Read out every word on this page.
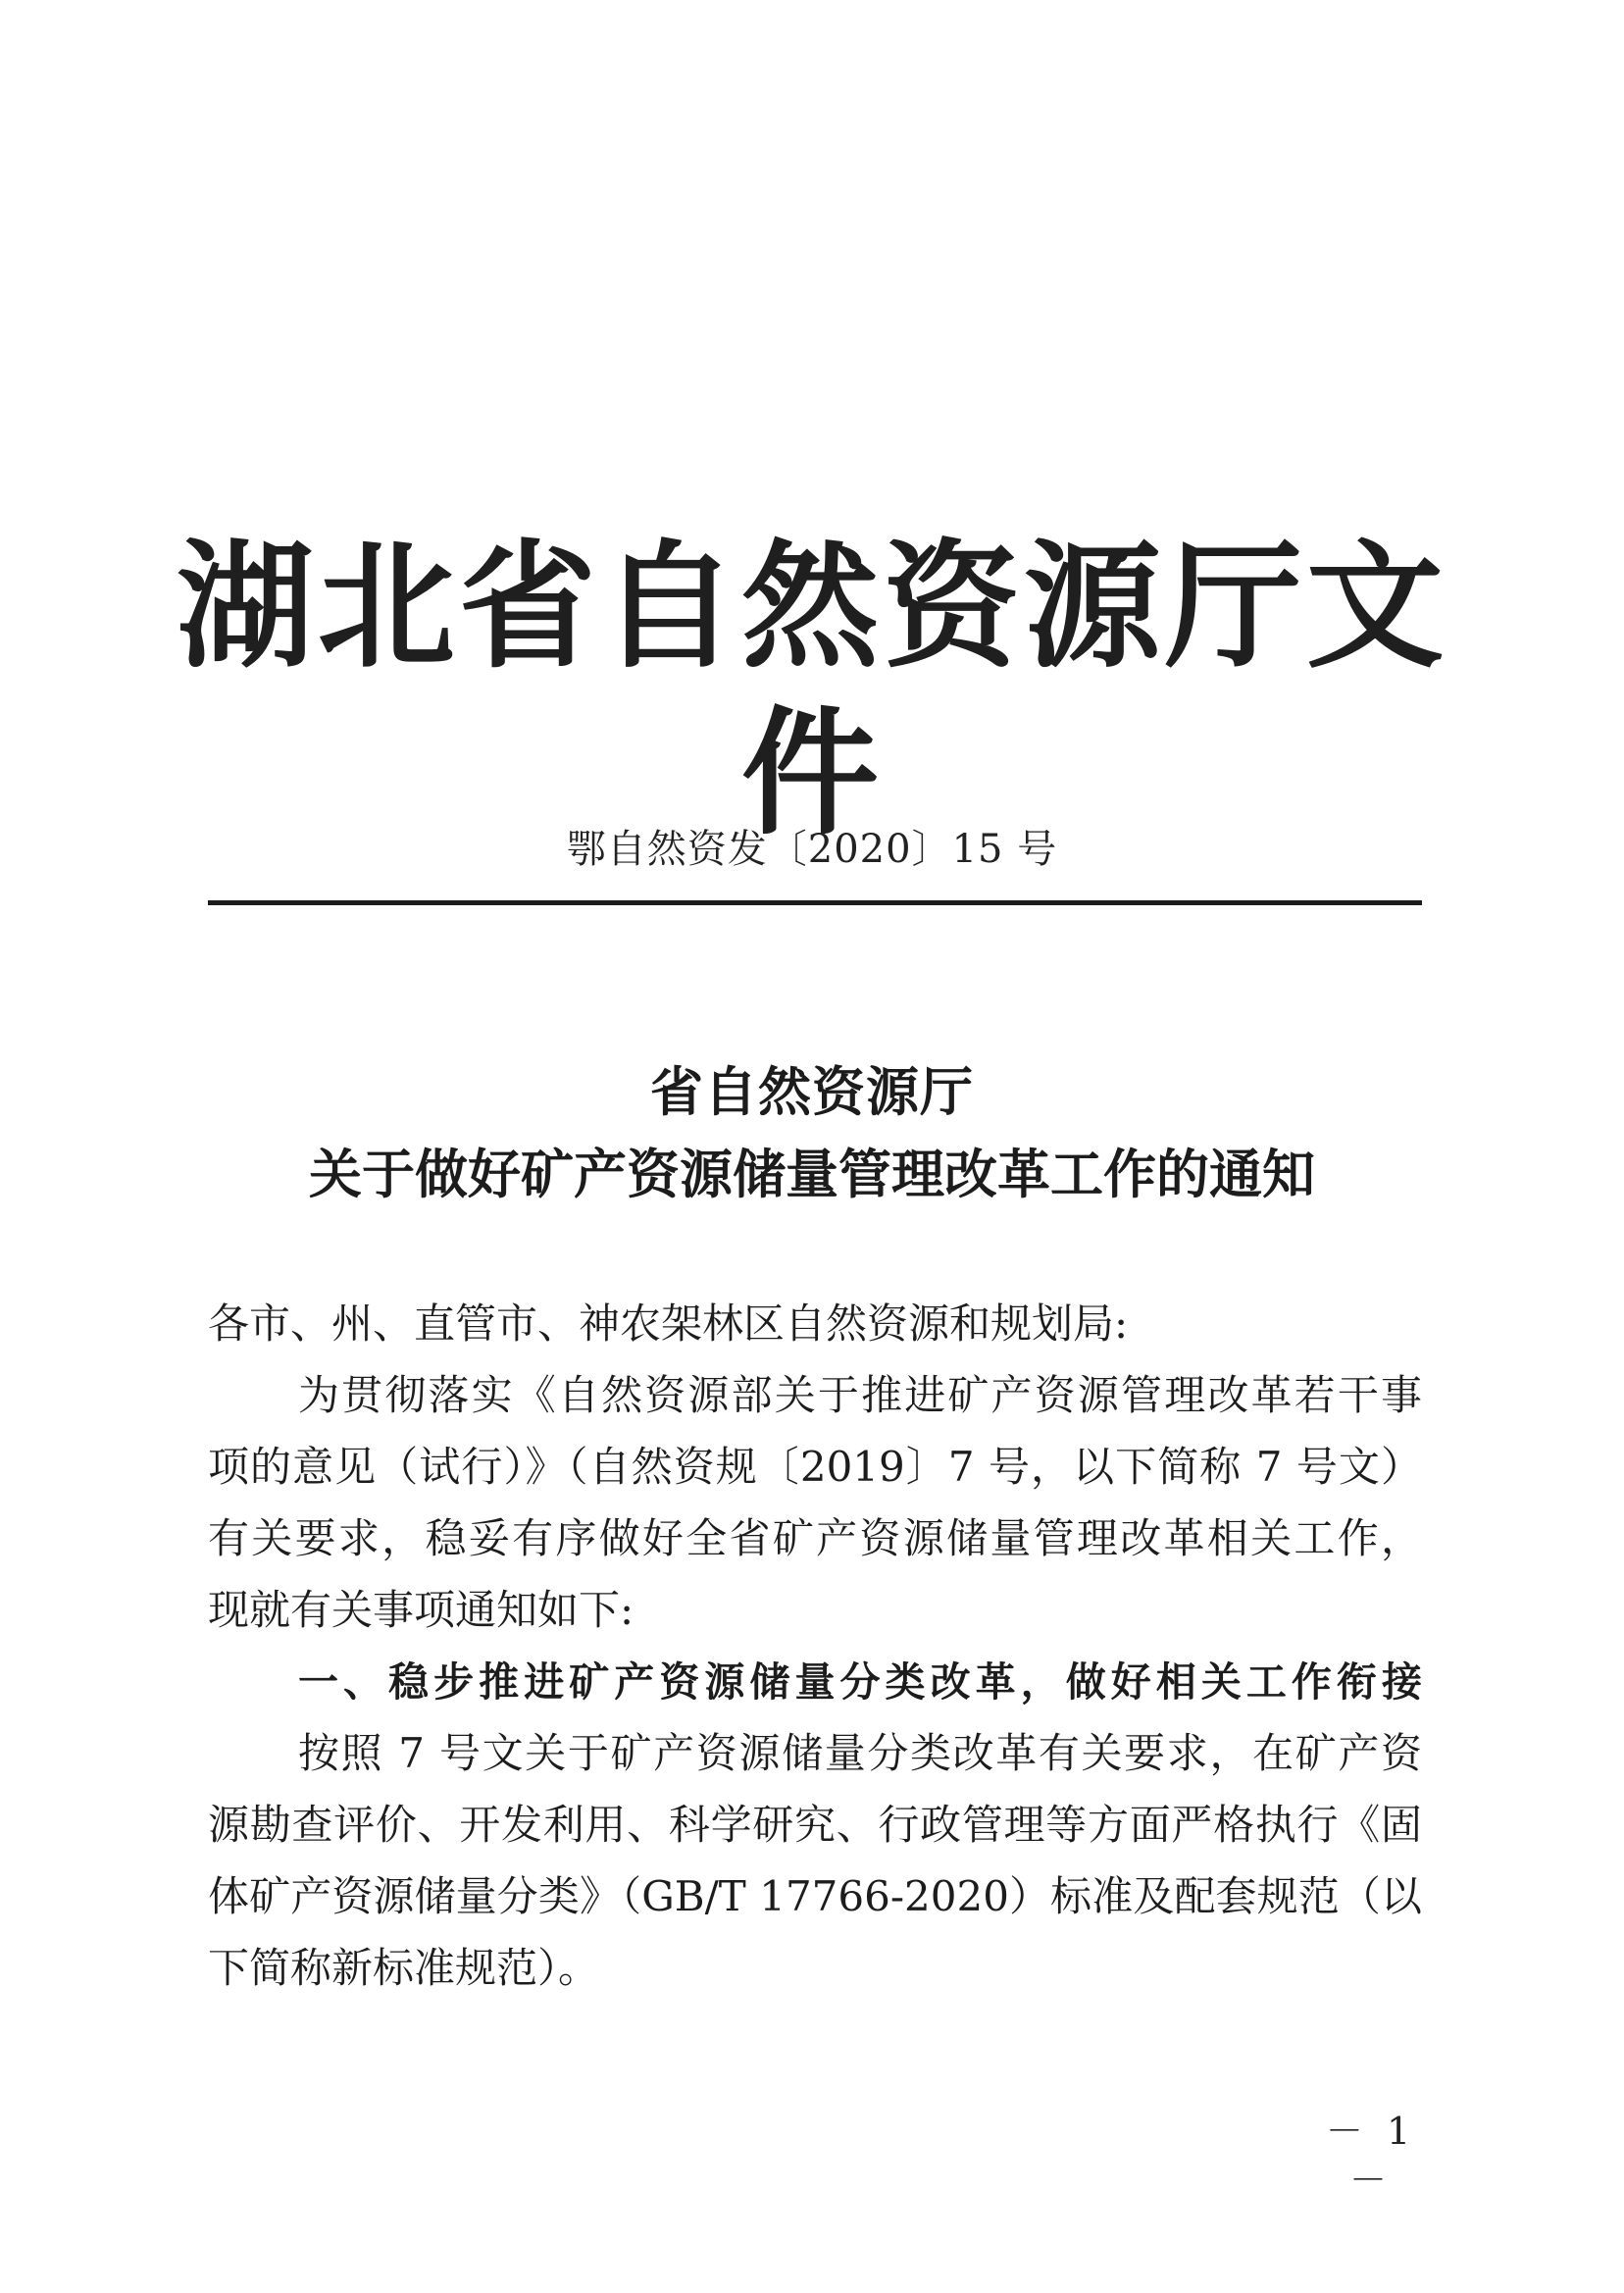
湖北省自然资源厅文件
鄂自然资发〔2020〕15 号
省自然资源厅
关于做好矿产资源储量管理改革工作的通知
各市、州、直管市、神农架林区自然资源和规划局:
为贯彻落实《自然资源部关于推进矿产资源管理改革若干事
项的意见（试行）》（自然资规〔2019〕7 号，以下简称 7 号文）
有关要求，稳妥有序做好全省矿产资源储量管理改革相关工作，
现就有关事项通知如下:
一、稳步推进矿产资源储量分类改革，做好相关工作衔接
按照 7 号文关于矿产资源储量分类改革有关要求，在矿产资
源勘查评价、开发利用、科学研究、行政管理等方面严格执行《固
体矿产资源储量分类》（GB/T 17766-2020）标准及配套规范（以
下简称新标准规范）。
－ 1 －
